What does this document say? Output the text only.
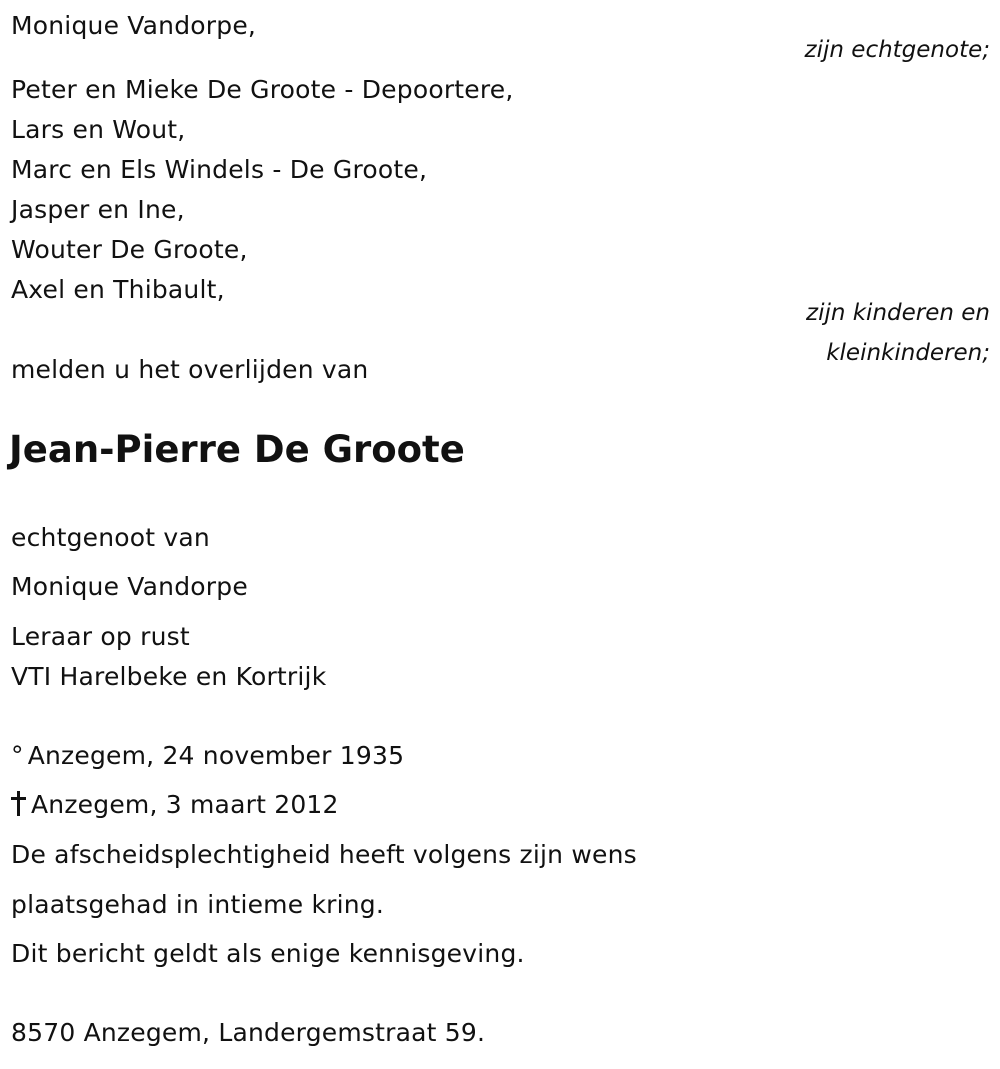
Monique Vandorpe,
zijn echtgenote;
Peter en Mieke De Groote - Depoortere,
Lars en Wout,
Marc en Els Windels - De Groote,
Jasper en Ine,
Wouter De Groote,
Axel en Thibault,
zijn kinderen en
kleinkinderen;
melden u het overlijden van
Jean-Pierre De Groote
echtgenoot van
Monique Vandorpe
Leraar op rust
VTI Harelbeke en Kortrijk
° Anzegem, 24 november 1935
Anzegem, 3 maart 2012
De afscheidsplechtigheid heeft volgens zijn wens
plaatsgehad in intieme kring.
Dit bericht geldt als enige kennisgeving.
8570 Anzegem, Landergemstraat 59.
